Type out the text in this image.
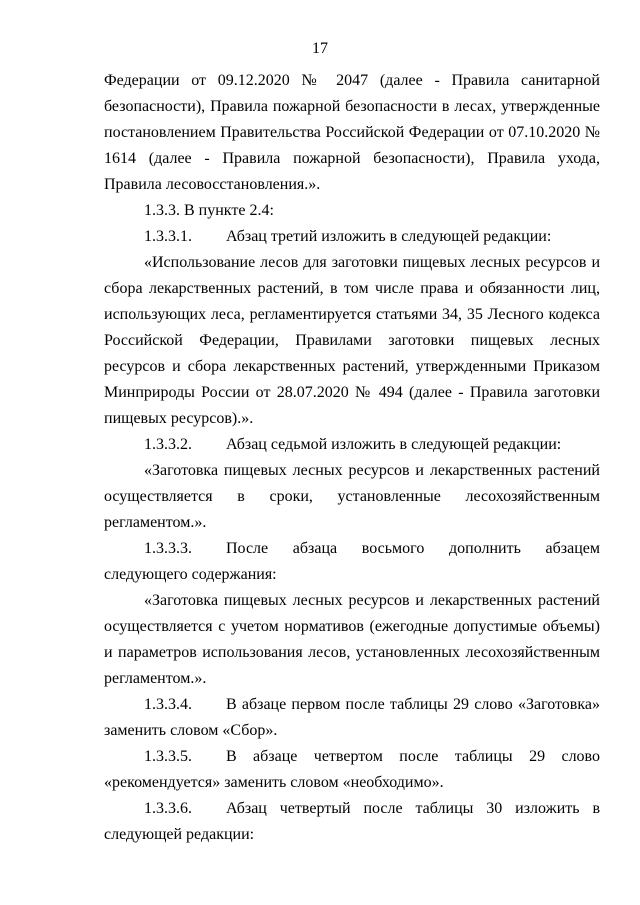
17

Федерации от 09.12.2020 № 2047 (далее - Правила санитарной безопасности), Правила пожарной безопасности в лесах, утвержденные постановлением Правительства Российской Федерации от 07.10.2020 № 1614 (далее - Правила пожарной безопасности), Правила ухода, Правила лесовосстановления.».

1.3.3. В пункте 2.4:

1.3.3.1. Абзац третий изложить в следующей редакции:

«Использование лесов для заготовки пищевых лесных ресурсов и сбора лекарственных растений, в том числе права и обязанности лиц, использующих леса, регламентируется статьями 34, 35 Лесного кодекса Российской Федерации, Правилами заготовки пищевых лесных ресурсов и сбора лекарственных растений, утвержденными Приказом Минприроды России от 28.07.2020 № 494 (далее - Правила заготовки пищевых ресурсов).».

1.3.3.2. Абзац седьмой изложить в следующей редакции:

«Заготовка пищевых лесных ресурсов и лекарственных растений осуществляется в сроки, установленные лесохозяйственным регламентом.».

1.3.3.3. После абзаца восьмого дополнить абзацем следующего содержания:

«Заготовка пищевых лесных ресурсов и лекарственных растений осуществляется с учетом нормативов (ежегодные допустимые объемы) и параметров использования лесов, установленных лесохозяйственным регламентом.».

1.3.3.4. В абзаце первом после таблицы 29 слово «Заготовка» заменить словом «Сбор».

1.3.3.5. В абзаце четвертом после таблицы 29 слово «рекомендуется» заменить словом «необходимо».

1.3.3.6. Абзац четвертый после таблицы 30 изложить в следующей редакции:
